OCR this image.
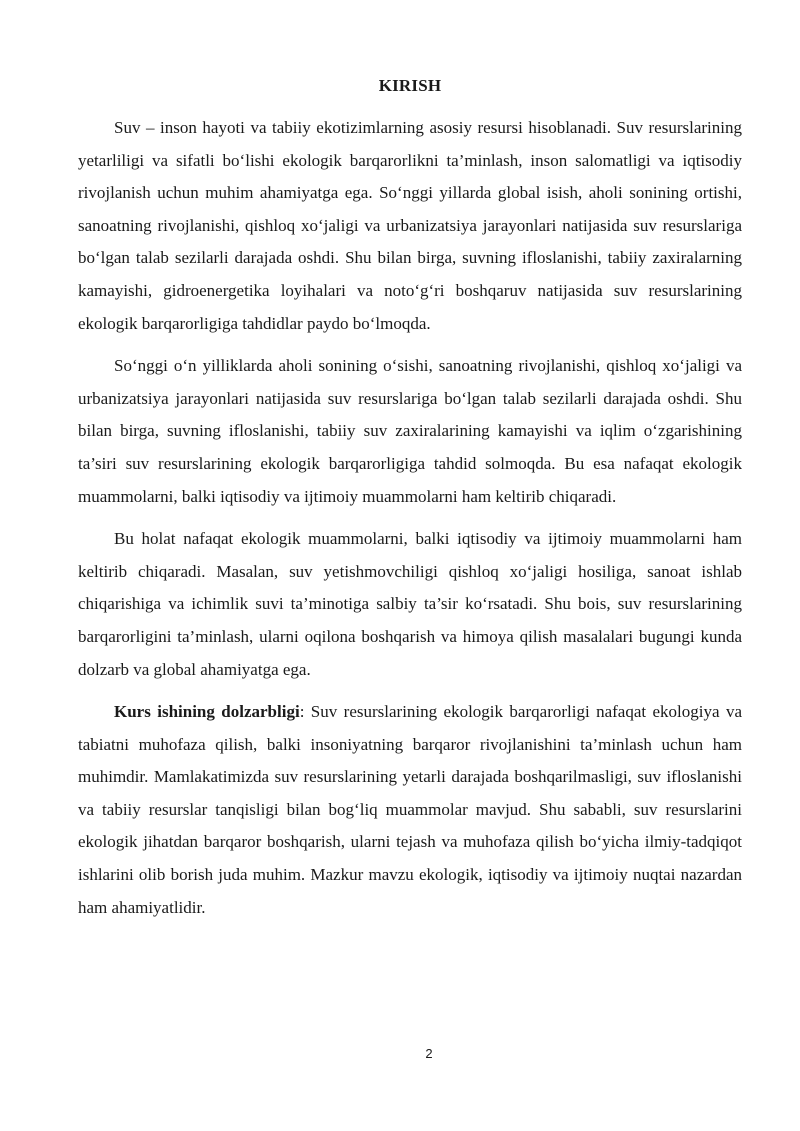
KIRISH

Suv – inson hayoti va tabiiy ekotizimlarning asosiy resursi hisoblanadi. Suv resurslarining yetarliligi va sifatli bo‘lishi ekologik barqarorlikni ta’minlash, inson salomatligi va iqtisodiy rivojlanish uchun muhim ahamiyatga ega. So‘nggi yillarda global isish, aholi sonining ortishi, sanoatning rivojlanishi, qishloq xo‘jaligi va urbanizatsiya jarayonlari natijasida suv resurslariga bo‘lgan talab sezilarli darajada oshdi. Shu bilan birga, suvning ifloslanishi, tabiiy zaxiralarning kamayishi, gidroenergetika loyihalari va noto‘g‘ri boshqaruv natijasida suv resurslarining ekologik barqarorligiga tahdidlar paydo bo‘lmoqda.

So‘nggi o‘n yilliklarda aholi sonining o‘sishi, sanoatning rivojlanishi, qishloq xo‘jaligi va urbanizatsiya jarayonlari natijasida suv resurslariga bo‘lgan talab sezilarli darajada oshdi. Shu bilan birga, suvning ifloslanishi, tabiiy suv zaxiralarining kamayishi va iqlim o‘zgarishining ta’siri suv resurslarining ekologik barqarorligiga tahdid solmoqda. Bu esa nafaqat ekologik muammolarni, balki iqtisodiy va ijtimoiy muammolarni ham keltirib chiqaradi.

Bu holat nafaqat ekologik muammolarni, balki iqtisodiy va ijtimoiy muammolarni ham keltirib chiqaradi. Masalan, suv yetishmovchiligi qishloq xo‘jaligi hosiliga, sanoat ishlab chiqarishiga va ichimlik suvi ta’minotiga salbiy ta’sir ko‘rsatadi. Shu bois, suv resurslarining barqarorligini ta’minlash, ularni oqilona boshqarish va himoya qilish masalalari bugungi kunda dolzarb va global ahamiyatga ega.

Kurs ishining dolzarbligi: Suv resurslarining ekologik barqarorligi nafaqat ekologiya va tabiatni muhofaza qilish, balki insoniyatning barqaror rivojlanishini ta’minlash uchun ham muhimdir. Mamlakatimizda suv resurslarining yetarli darajada boshqarilmasligi, suv ifloslanishi va tabiiy resurslar tanqisligi bilan bog‘liq muammolar mavjud. Shu sababli, suv resurslarini ekologik jihatdan barqaror boshqarish, ularni tejash va muhofaza qilish bo‘yicha ilmiy-tadqiqot ishlarini olib borish juda muhim. Mazkur mavzu ekologik, iqtisodiy va ijtimoiy nuqtai nazardan ham ahamiyatlidir.

2
